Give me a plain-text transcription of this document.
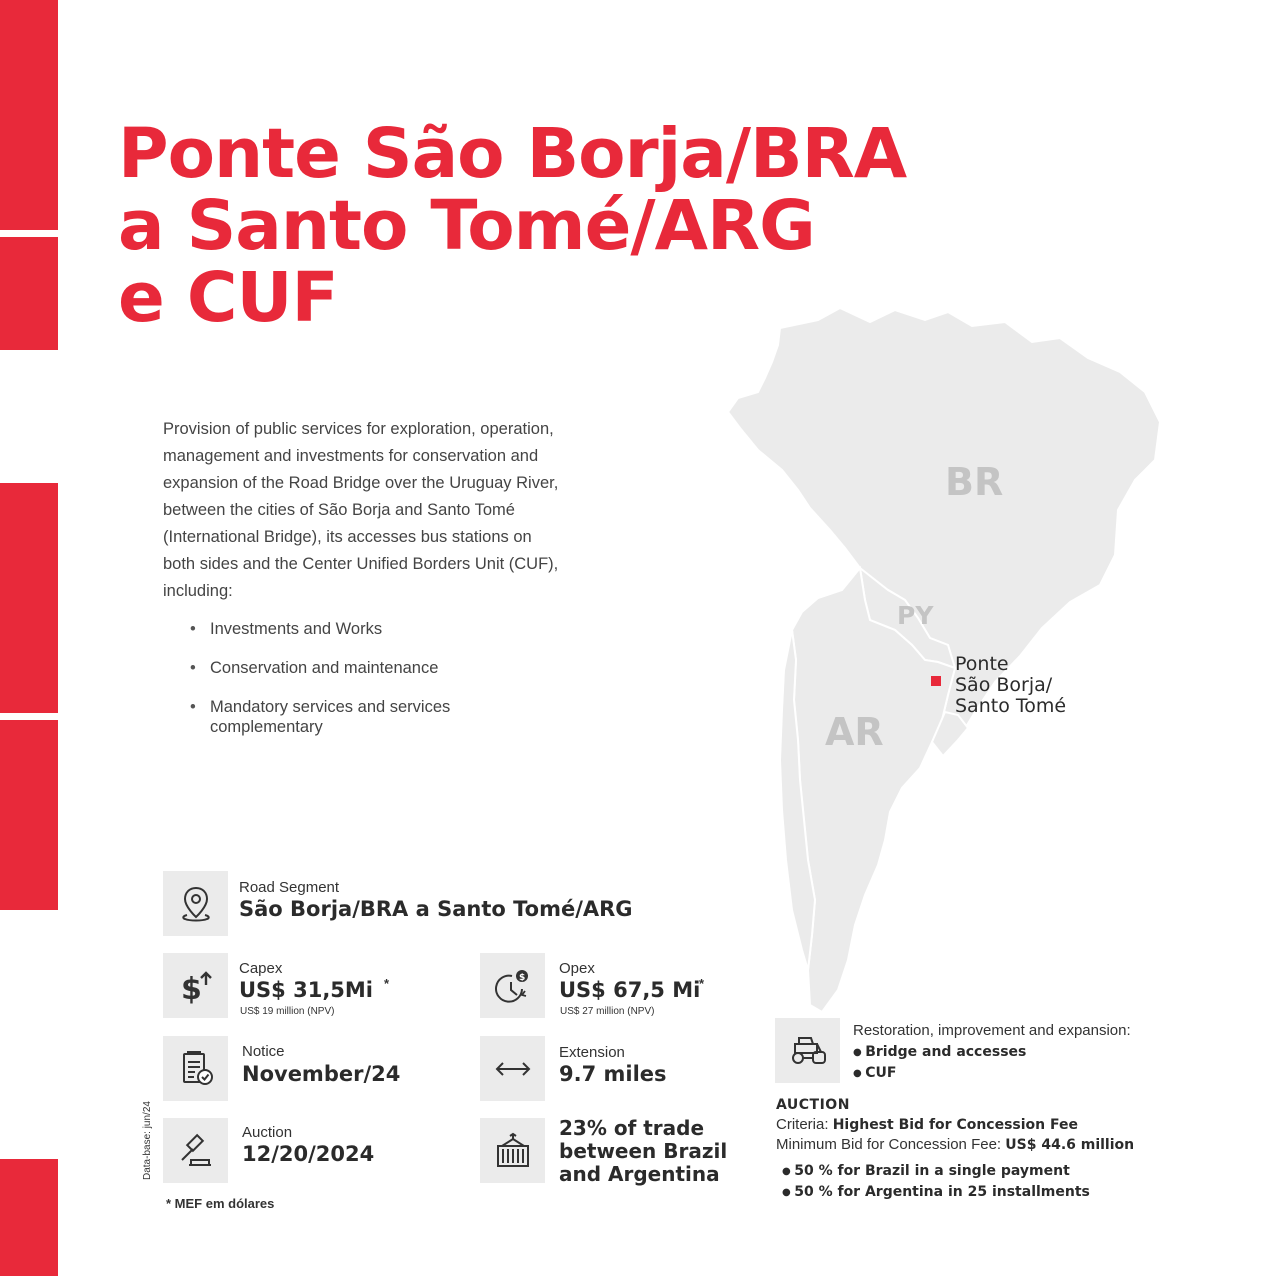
Ponte São Borja/BRA
a Santo Tomé/ARG
e CUF

Provision of public services for exploration, operation, management and investments for conservation and expansion of the Road Bridge over the Uruguay River, between the cities of São Borja and Santo Tomé (International Bridge), its accesses bus stations on both sides and the Center Unified Borders Unit (CUF), including:

• Investments and Works
• Conservation and maintenance
• Mandatory services and services complementary
BR
PY
AR
Ponte
São Borja/
Santo Tomé
Road Segment
São Borja/BRA a Santo Tomé/ARG
$
Capex
US$ 31,5Mi *
US$ 19 million (NPV)
$
Opex
US$ 67,5 Mi
*
US$ 27 million (NPV)
Notice
November/24
Extension
9.7 miles
Auction
12/20/2024
23% of trade
between Brazil
and Argentina
Data-base: jun/24
* MEF em dólares
Restoration, improvement and expansion:
● Bridge and accesses
● CUF
AUCTION
Criteria: Highest Bid for Concession Fee
Minimum Bid for Concession Fee: US$ 44.6 million
● 50 % for Brazil in a single payment
● 50 % for Argentina in 25 installments
